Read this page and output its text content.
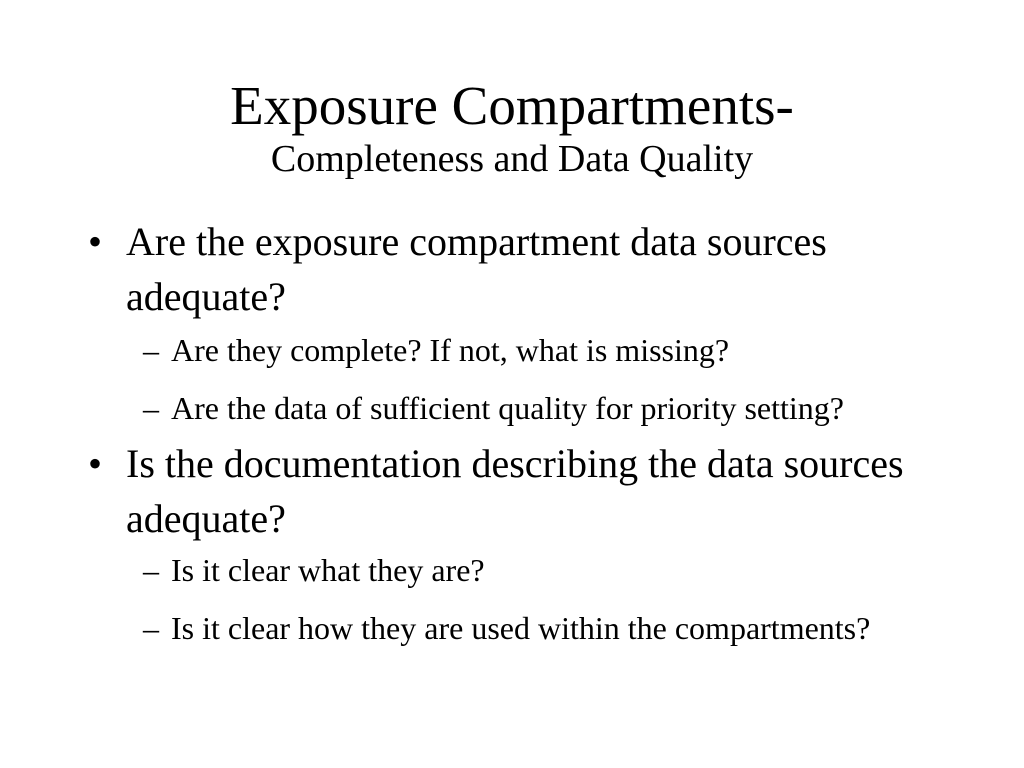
Exposure Compartments-
Completeness and Data Quality
• Are the exposure compartment data sources adequate?
– Are they complete? If not, what is missing?
– Are the data of sufficient quality for priority setting?
• Is the documentation describing the data sources adequate?
– Is it clear what they are?
– Is it clear how they are used within the compartments?
